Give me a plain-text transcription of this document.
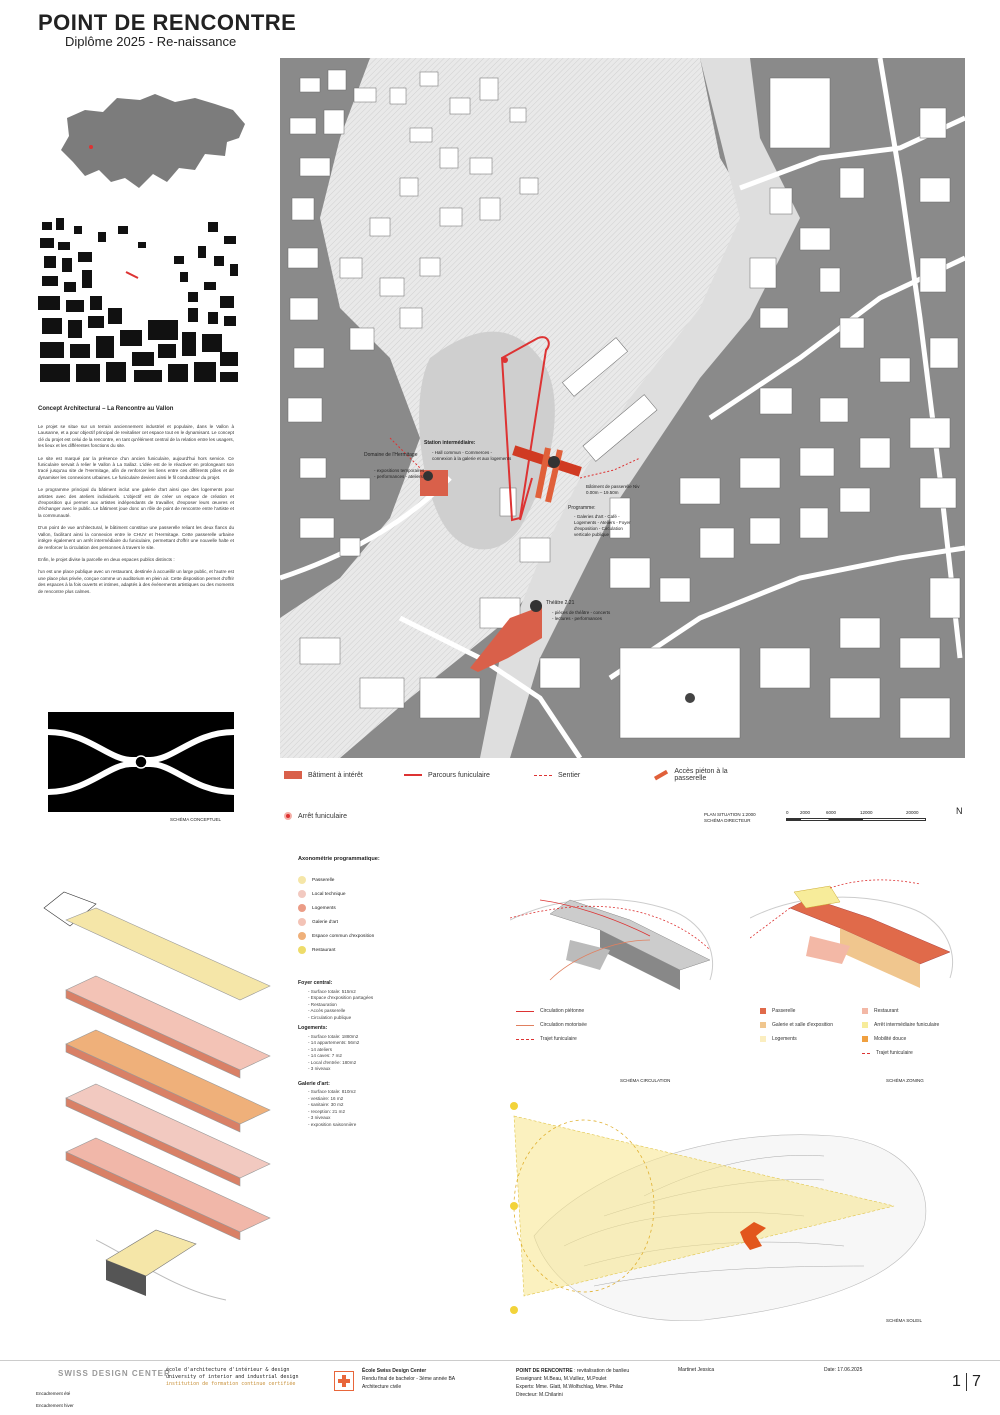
POINT DE RENCONTRE
Diplôme 2025 - Re-naissance
Concept Architectural – La Rencontre au Vallon

Le projet se situe sur un terrain anciennement industriel et populaire, dans le Vallon à Lausanne, et a pour objectif principal de revitaliser cet espace tout en le dynamisant. Le concept clé du projet est celui de la rencontre, en tant qu'élément central de la relation entre les usagers, les lieux et les différentes fonctions du site.

Le site est marqué par la présence d'un ancien funiculaire, aujourd'hui hors service. Ce funiculaire servait à relier le Vallon à La Sallaz. L'idée est de le réactiver en prolongeant son tracé jusqu'au site de l'Hermitage, afin de renforcer les liens entre ces différents pôles et de dynamiser les connexions urbaines. Le funiculaire devient ainsi le fil conducteur du projet.

Le programme principal du bâtiment inclut une galerie d'art ainsi que des logements pour artistes avec des ateliers individuels. L'objectif est de créer un espace de création et d'exposition qui permet aux artistes indépendants de travailler, d'exposer leurs œuvres et d'échanger avec le public. Le bâtiment joue donc un rôle de point de rencontre entre l'artiste et la communauté.

D'un point de vue architectural, le bâtiment constitue une passerelle reliant les deux flancs du Vallon, facilitant ainsi la connexion entre le CHUV et l'Hermitage. Cette passerelle urbaine intègre également un arrêt intermédiaire du funiculaire, permettant d'offrir une nouvelle halte et de renforcer la circulation des personnes à travers le site.

Enfin, le projet divise la parcelle en deux espaces publics distincts :

l'un est une place publique avec un restaurant, destinée à accueillir un large public, et l'autre est une place plus privée, conçue comme un auditorium en plein air. Cette disposition permet d'offrir des espaces à la fois ouverts et intimes, adaptés à des événements artistiques ou des moments de rencontre plus calmes.

SCHÉMA CONCEPTUEL
Domaine de l'Hermitage
- expositions temporaires - performances - ateliers
Station intermédiaire:
- Hall commun - Commerces - connexion à la galerie et aux logements
Bâtiment de passerelle Niv 0.00m – 19.50m
Programme:
- Galeries d'art - Café - Logements - Ateliers - Foyer d'exposition - Circulation verticale publique
Théâtre 2.21
- pièces de théâtre - concerts - lectures - performances
Bâtiment à intérêt	Parcours funiculaire	Sentier	Accès piéton à la passerelle
Arrêt funiculaire	PLAN SITUATION 1:2000
SCHÉMA DIRECTEUR
0	2000	6000	12000	20000	N
Axonométrie programmatique:
Passerelle
Local technique
Logements
Galerie d'art
Espace commun d'exposition
Restaurant
Foyer central:
- Surface totale: 515m2
- Espace d'exposition partagées
- Restauration
- Accès passerelle
- Circulation publique
Logements:
- Surface totale: 1880m2
- 14 appartements: 56m2
- 14 ateliers
- 14 caves: 7 m2
- Local d'entrée: 180m2
- 3 niveaux
Galerie d'art:
- Surface totale: 810m2
- vestiaire: 16 m2
- sanitaire: 30 m2
- reception: 21 m2
- 3 niveaux
- exposition saisonnière
Circulation piétonne
Circulation motorisée
Trajet funiculaire
SCHÉMA CIRCULATION
Passerelle
Galerie et salle d'exposition
Logements
Restaurant
Arrêt intermédiaire funiculaire
Mobilité douce
Trajet funiculaire
SCHÉMA ZONING
SCHÉMA SOLEIL
SWISS DESIGN CENTER
école d'architecture d'intérieur & design
university of interior and industrial design
institution de formation continue certifiée
Encadrement été
Encadrement hiver
École Swiss Design Center
Rendu final de bachelor - 3ème année BA
Architecture civile
POINT DE RENCONTRE : revitalisation de banlieu
Enseignant: M.Beau, M.Vuillez, M.Poulet
Experts: Mme. Glatt, M.Wolfschlag, Mme. Philaz
Directeur: M.Chilarini
Martinet Jessica	Date: 17.06.2025
1 7
